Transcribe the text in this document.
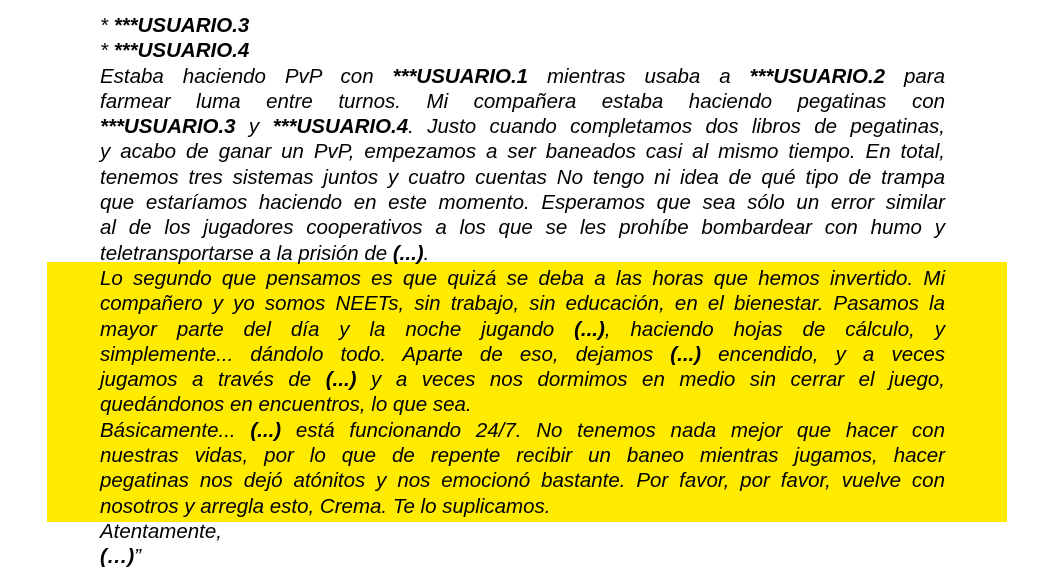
* ***USUARIO.3
* ***USUARIO.4
Estaba haciendo PvP con ***USUARIO.1 mientras usaba a ***USUARIO.2 para
farmear luma entre turnos. Mi compañera estaba haciendo pegatinas con
***USUARIO.3 y ***USUARIO.4. Justo cuando completamos dos libros de pegatinas,
y acabo de ganar un PvP, empezamos a ser baneados casi al mismo tiempo. En total,
tenemos tres sistemas juntos y cuatro cuentas No tengo ni idea de qué tipo de trampa
que estaríamos haciendo en este momento. Esperamos que sea sólo un error similar
al de los jugadores cooperativos a los que se les prohíbe bombardear con humo y
teletransportarse a la prisión de (...).
Lo segundo que pensamos es que quizá se deba a las horas que hemos invertido. Mi
compañero y yo somos NEETs, sin trabajo, sin educación, en el bienestar. Pasamos la
mayor parte del día y la noche jugando (...), haciendo hojas de cálculo, y
simplemente... dándolo todo. Aparte de eso, dejamos (...) encendido, y a veces
jugamos a través de (...) y a veces nos dormimos en medio sin cerrar el juego,
quedándonos en encuentros, lo que sea.
Básicamente... (...) está funcionando 24/7. No tenemos nada mejor que hacer con
nuestras vidas, por lo que de repente recibir un baneo mientras jugamos, hacer
pegatinas nos dejó atónitos y nos emocionó bastante. Por favor, por favor, vuelve con
nosotros y arregla esto, Crema. Te lo suplicamos.
Atentamente,
(…)”
